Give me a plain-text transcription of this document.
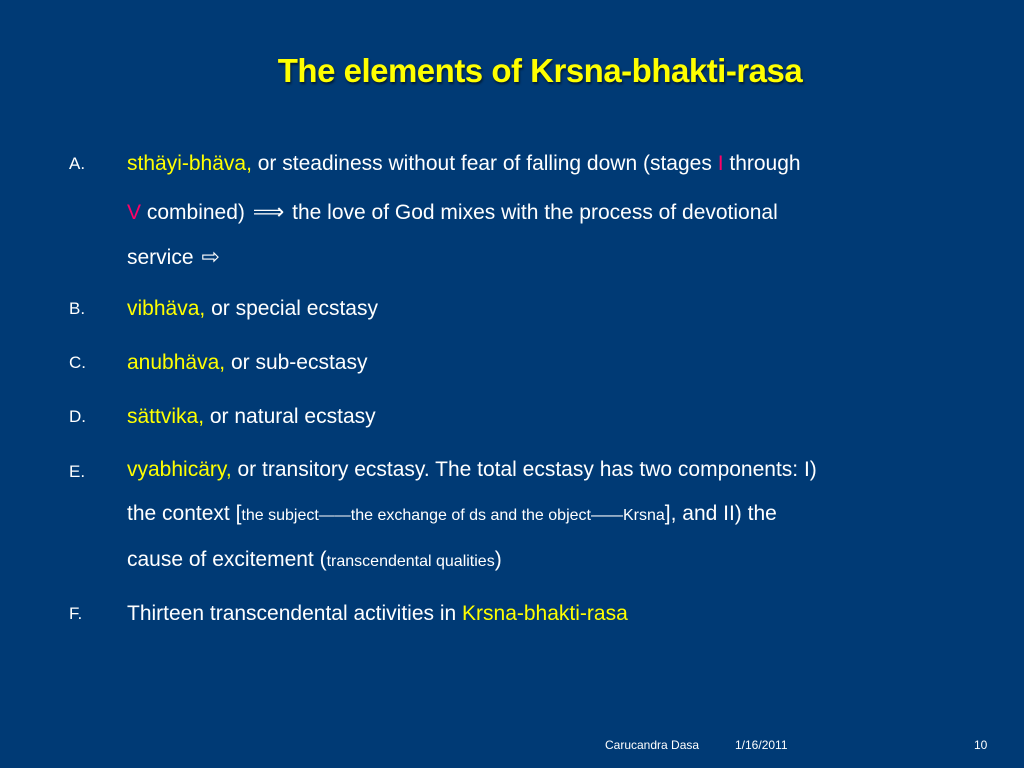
The elements of Krsna-bhakti-rasa
A. sthäyi-bhäva, or steadiness without fear of falling down (stages I through
V combined) ⟹ the love of God mixes with the process of devotional
service ⇨
B. vibhäva, or special ecstasy
C. anubhäva, or sub-ecstasy
D. sättvika, or natural ecstasy
E. vyabhicäry, or transitory ecstasy. The total ecstasy has two components: I)
the context [the subject——the exchange of ds and the object——Krsna], and II) the
cause of excitement (transcendental qualities)
F. Thirteen transcendental activities in Krsna-bhakti-rasa
Carucandra Dasa	1/16/2011	10
